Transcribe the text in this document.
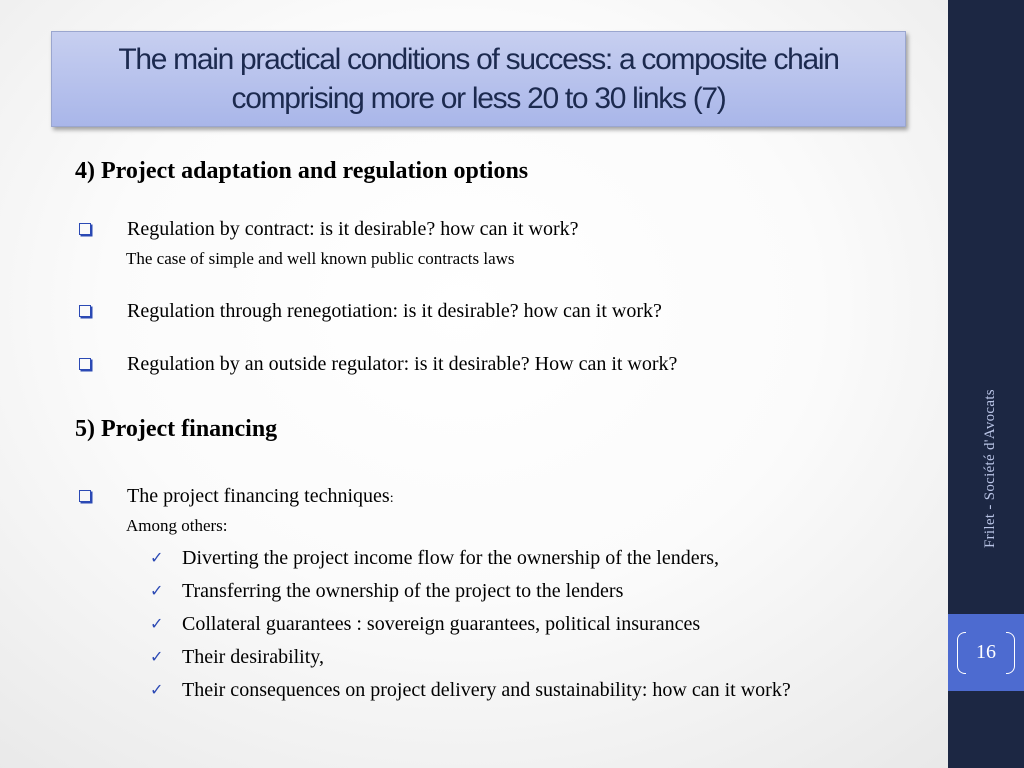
Frilet - Société d'Avocats
16
The main practical conditions of success: a composite chain comprising more or less 20 to 30 links (7)
4) Project adaptation and regulation options
Regulation by contract: is it desirable? how can it work?
The case of simple and well known public contracts laws
Regulation through renegotiation: is it desirable? how can it work?
Regulation by an outside regulator: is it desirable? How can it work?
5) Project financing
The project financing techniques:
Among others:
✓ Diverting the project income flow for the ownership of the lenders,
✓ Transferring the ownership of the project to the lenders
✓ Collateral guarantees : sovereign guarantees, political insurances
✓ Their desirability,
✓ Their consequences on project delivery and sustainability: how can it work?
